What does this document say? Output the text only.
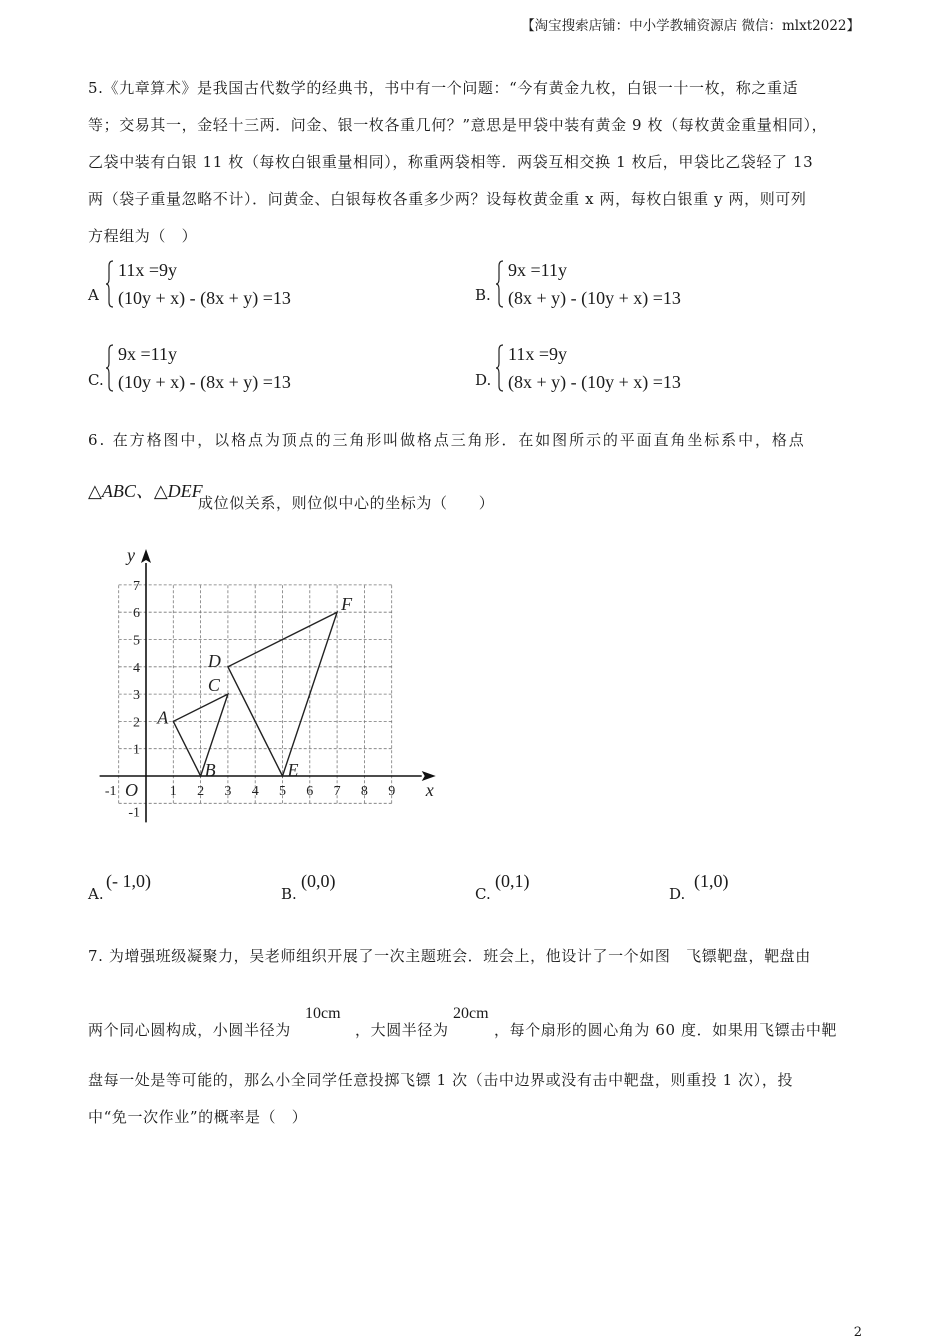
【淘宝搜索店铺：中小学教辅资源店 微信：mlxt2022】
5.《九章算术》是我国古代数学的经典书，书中有一个问题：“今有黄金九枚，白银一十一枚，称之重适
等；交易其一，金轻十三两．问金、银一枚各重几何？”意思是甲袋中装有黄金 9 枚（每枚黄金重量相同），
乙袋中装有白银 11 枚（每枚白银重量相同），称重两袋相等．两袋互相交换 1 枚后，甲袋比乙袋轻了 13
两（袋子重量忽略不计）．问黄金、白银每枚各重多少两？设每枚黄金重 x 两，每枚白银重 y 两，则可列
方程组为（　）
A
11x =9y
(10y + x) - (8x + y) =13	B.
9x =11y
(8x + y) - (10y + x) =13
C.
9x =11y
(10y + x) - (8x + y) =13	D.
11x =9y
(8x + y) - (10y + x) =13
6. 在方格图中，以格点为顶点的三角形叫做格点三角形．在如图所示的平面直角坐标系中，格点
△ABC、△DEF
成位似关系，则位似中心的坐标为（　　）
-1	1 2 3 4 5 6 7 8 9
7
6
5
4
3
2
1
-1
x
y
O
A
B
C
D
E
F
A.
(- 1,0)
B.
(0,0)
C.
(0,1)
D.
(1,0)
7. 为增强班级凝聚力，吴老师组织开展了一次主题班会．班会上，他设计了一个如图　飞镖靶盘，靶盘由
两个同心圆构成，小圆半径为
10cm
，大圆半径为
20cm
，每个扇形的圆心角为 60 度．如果用飞镖击中靶
盘每一处是等可能的，那么小全同学任意投掷飞镖 1 次（击中边界或没有击中靶盘，则重投 1 次），投
中“免一次作业”的概率是（　）
2
